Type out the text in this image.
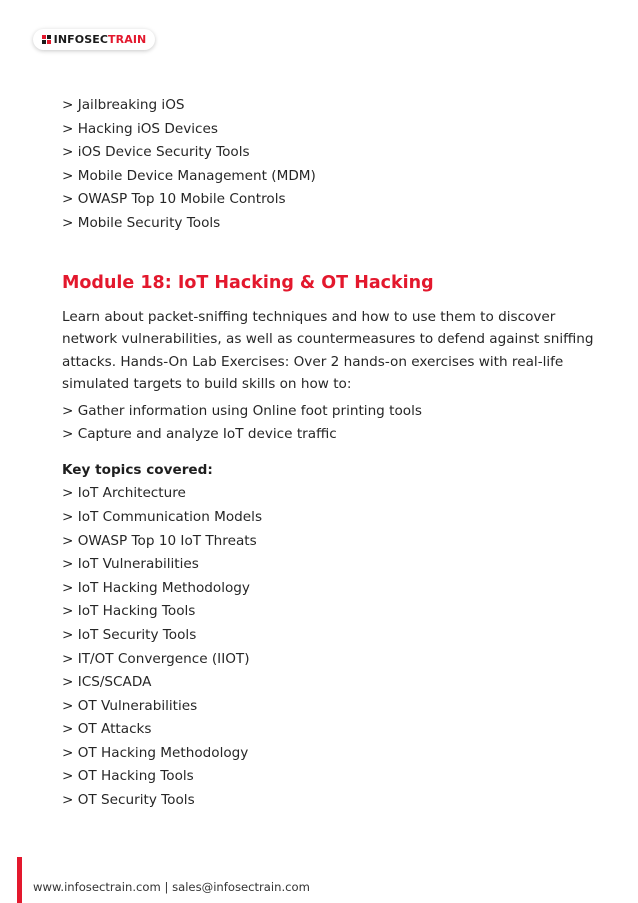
INFOSECTRAIN
> Jailbreaking iOS
> Hacking iOS Devices
> iOS Device Security Tools
> Mobile Device Management (MDM)
> OWASP Top 10 Mobile Controls
> Mobile Security Tools
Module 18: IoT Hacking & OT Hacking

Learn about packet-sniffing techniques and how to use them to discover network vulnerabilities, as well as countermeasures to defend against sniffing attacks. Hands-On Lab Exercises: Over 2 hands-on exercises with real-life simulated targets to build skills on how to:

> Gather information using Online foot printing tools
> Capture and analyze IoT device traffic
Key topics covered:
> IoT Architecture
> IoT Communication Models
> OWASP Top 10 IoT Threats
> IoT Vulnerabilities
> IoT Hacking Methodology
> IoT Hacking Tools
> IoT Security Tools
> IT/OT Convergence (IIOT)
> ICS/SCADA
> OT Vulnerabilities
> OT Attacks
> OT Hacking Methodology
> OT Hacking Tools
> OT Security Tools
www.infosectrain.com | sales@infosectrain.com
